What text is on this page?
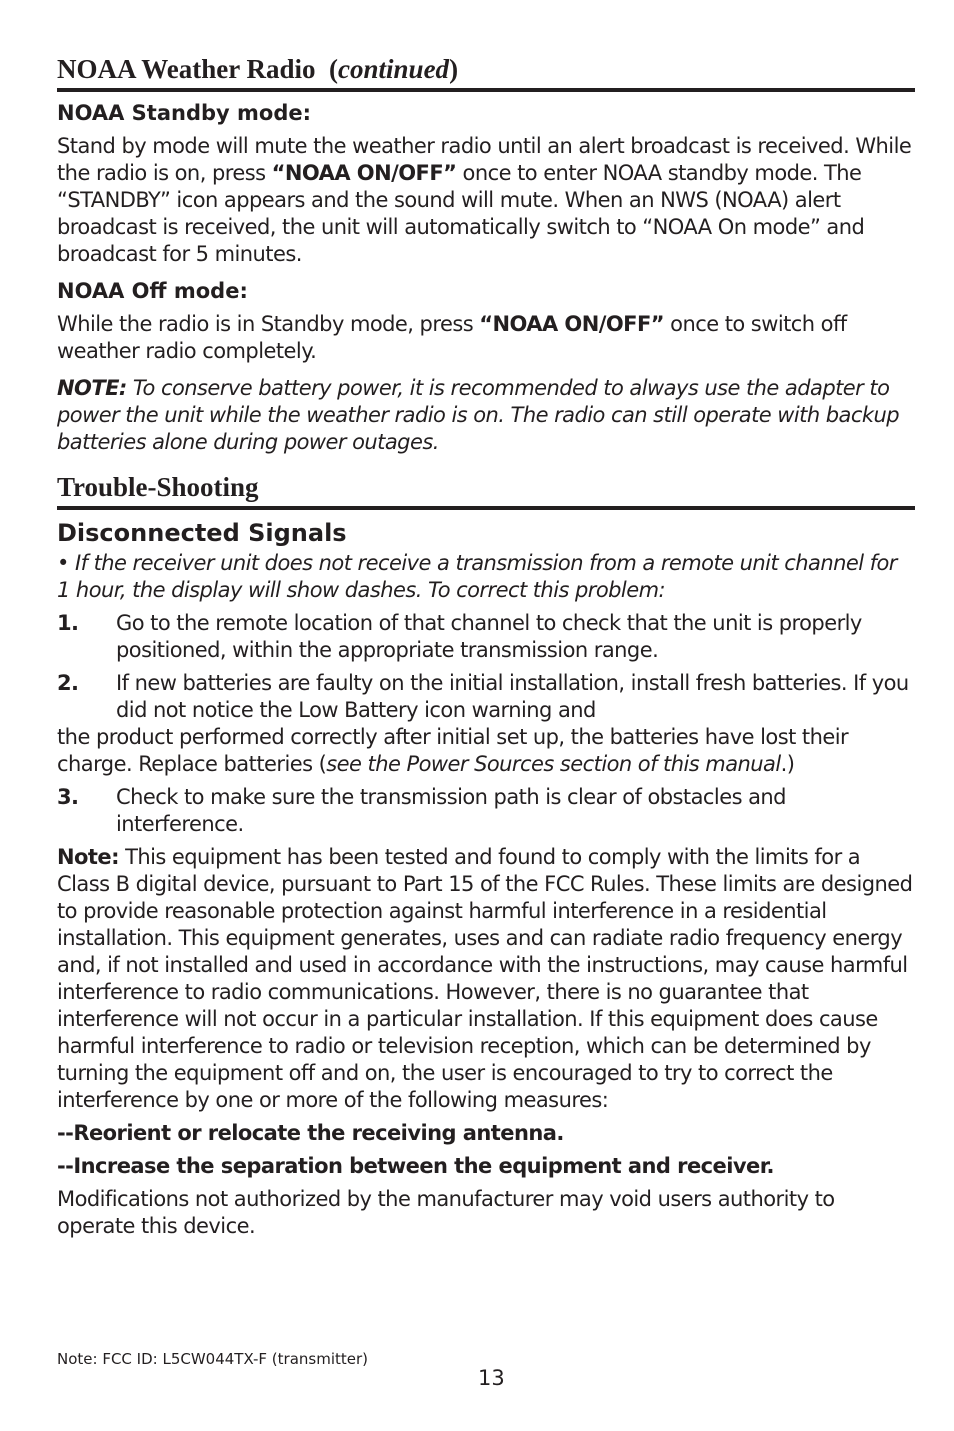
NOAA Weather Radio  (continued)
NOAA Standby mode:

Stand by mode will mute the weather radio until an alert broadcast is received. While the radio is on, press “NOAA ON/OFF” once to enter NOAA standby mode. The “STANDBY” icon appears and the sound will mute. When an NWS (NOAA) alert broadcast is received, the unit will automatically switch to “NOAA On mode” and broadcast for 5 minutes.

NOAA Off mode:

While the radio is in Standby mode, press “NOAA ON/OFF” once to switch off weather radio completely.

NOTE: To conserve battery power, it is recommended to always use the adapter to power the unit while the weather radio is on. The radio can still operate with backup batteries alone during power outages.

Trouble-Shooting
Disconnected Signals

• If the receiver unit does not receive a transmission from a remote unit channel for 1 hour, the display will show dashes. To correct this problem:

1. Go to the remote location of that channel to check that the unit is properly positioned, within the appropriate transmission range.
2. If new batteries are faulty on the initial installation, install fresh batteries. If you did not notice the Low Battery icon warning and
the product performed correctly after initial set up, the batteries have lost their charge. Replace batteries (see the Power Sources section of this manual.)
3. Check to make sure the transmission path is clear of obstacles and interference.

Note: This equipment has been tested and found to comply with the limits for a Class B digital device, pursuant to Part 15 of the FCC Rules. These limits are designed to provide reasonable protection against harmful interference in a residential installation. This equipment generates, uses and can radiate radio frequency energy and, if not installed and used in accordance with the instructions, may cause harmful interference to radio communications. However, there is no guarantee that interference will not occur in a particular installation. If this equipment does cause harmful interference to radio or television reception, which can be determined by turning the equipment off and on, the user is encouraged to try to correct the interference by one or more of the following measures:

--Reorient or relocate the receiving antenna.
--Increase the separation between the equipment and receiver.

Modifications not authorized by the manufacturer may void users authority to operate this device.

Note: FCC ID: L5CW044TX-F (transmitter)
13
